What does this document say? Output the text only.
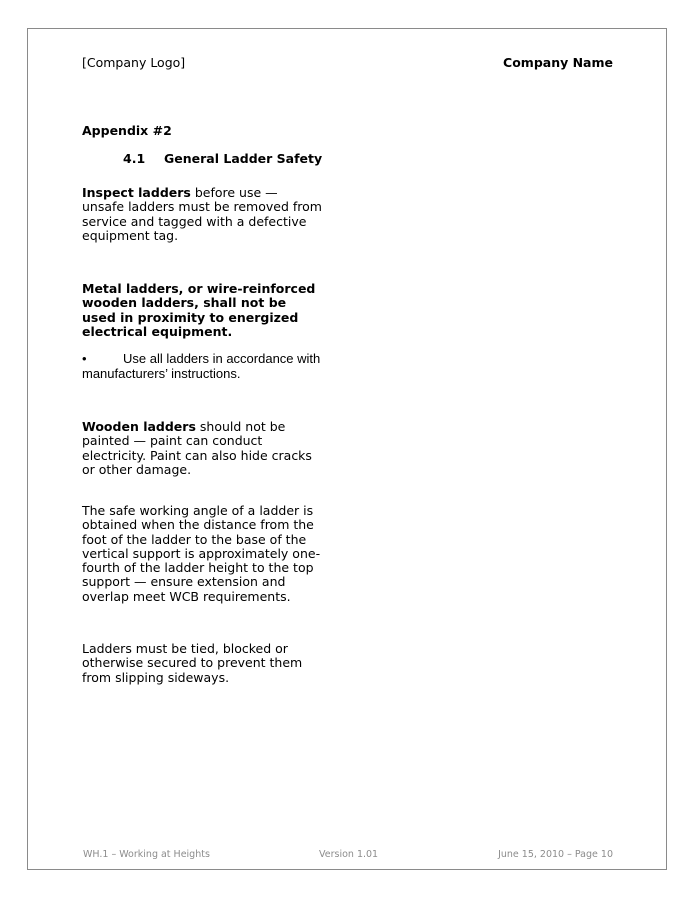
[Company Logo]	Company Name
Appendix #2
4.1 General Ladder Safety
Inspect ladders before use — unsafe ladders must be removed from service and tagged with a defective equipment tag.
Metal ladders, or wire-reinforced wooden ladders, shall not be used in proximity to energized electrical equipment.
•	Use all ladders in accordance with manufacturers’ instructions.
Wooden ladders should not be painted — paint can conduct electricity. Paint can also hide cracks or other damage.
The safe working angle of a ladder is obtained when the distance from the foot of the ladder to the base of the vertical support is approximately one-fourth of the ladder height to the top support — ensure extension and overlap meet WCB requirements.
Ladders must be tied, blocked or otherwise secured to prevent them from slipping sideways.
WH.1 – Working at Heights	Version 1.01	June 15, 2010 – Page 10
